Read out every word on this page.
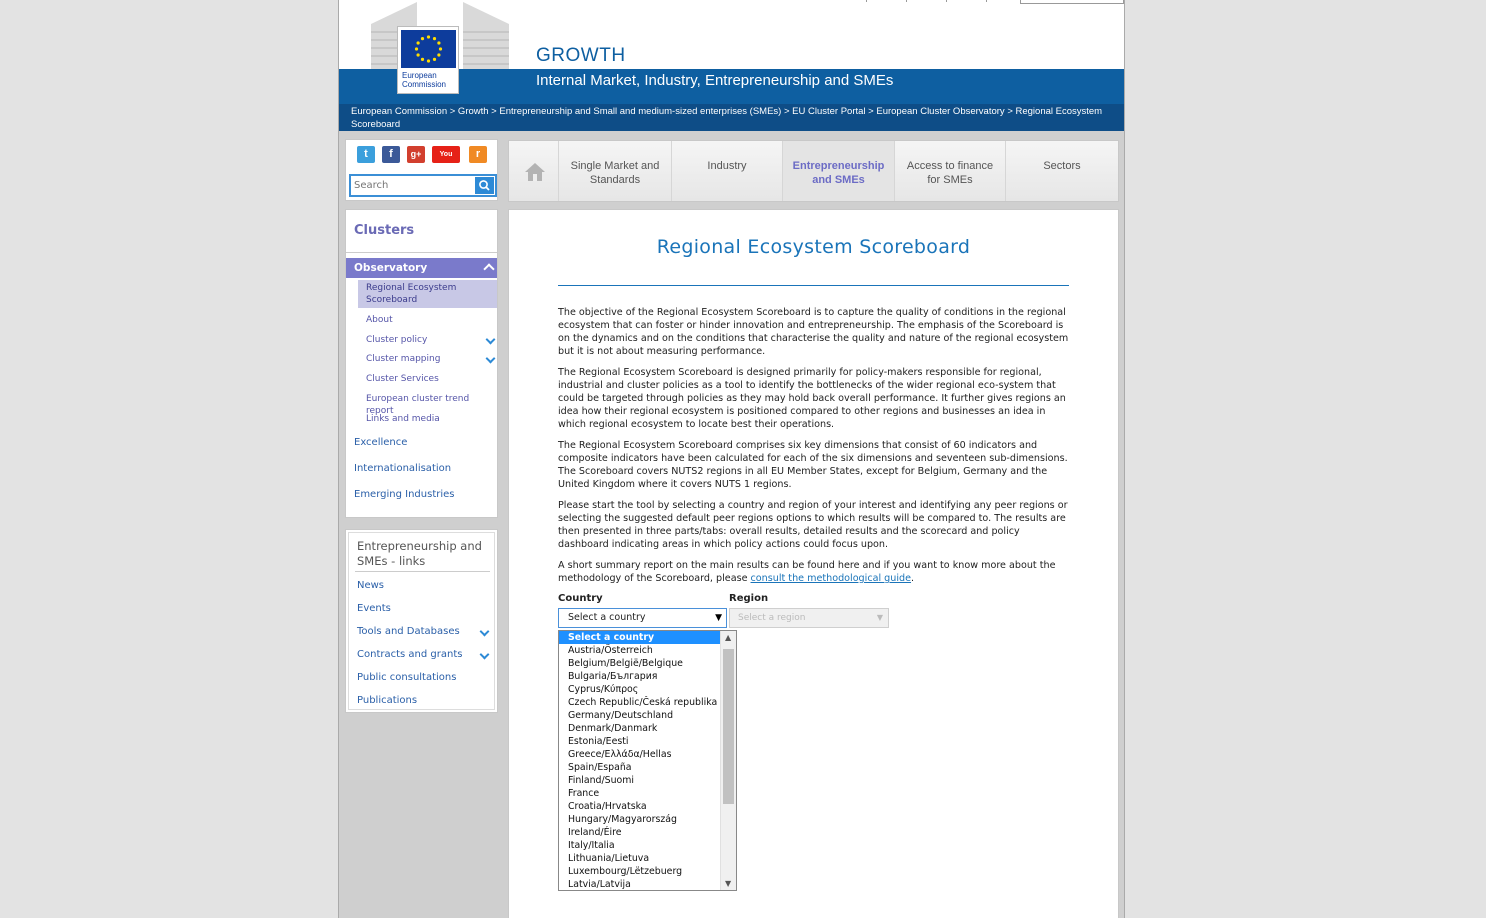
European
Commission
GROWTH
Internal Market, Industry, Entrepreneurship and SMEs
European Commission > Growth > Entrepreneurship and Small and medium-sized enterprises (SMEs) > EU Cluster Portal > European Cluster Observatory > Regional Ecosystem Scoreboard
t	f	g+	You	r
Search
Clusters
Observatory
Regional Ecosystem Scoreboard
About
Cluster policy
Cluster mapping
Cluster Services
European cluster trend report
Links and media
Excellence
Internationalisation
Emerging Industries
Entrepreneurship and SMEs - links
News
Events
Tools and Databases
Contracts and grants
Public consultations
Publications
Single Market and Standards
Industry	Entrepreneurship and SMEs
Access to finance for SMEs
Sectors
Regional Ecosystem Scoreboard
The objective of the Regional Ecosystem Scoreboard is to capture the quality of conditions in the regional ecosystem that can foster or hinder innovation and entrepreneurship. The emphasis of the Scoreboard is on the dynamics and on the conditions that characterise the quality and nature of the regional ecosystem but it is not about measuring performance.
The Regional Ecosystem Scoreboard is designed primarily for policy-makers responsible for regional, industrial and cluster policies as a tool to identify the bottlenecks of the wider regional eco-system that could be targeted through policies as they may hold back overall performance. It further gives regions an idea how their regional ecosystem is positioned compared to other regions and businesses an idea in which regional ecosystem to locate best their operations.
The Regional Ecosystem Scoreboard comprises six key dimensions that consist of 60 indicators and composite indicators have been calculated for each of the six dimensions and seventeen sub-dimensions. The Scoreboard covers NUTS2 regions in all EU Member States, except for Belgium, Germany and the United Kingdom where it covers NUTS 1 regions.
Please start the tool by selecting a country and region of your interest and identifying any peer regions or selecting the suggested default peer regions options to which results will be compared to. The results are then presented in three parts/tabs: overall results, detailed results and the scorecard and policy dashboard indicating areas in which policy actions could focus upon.
A short summary report on the main results can be found here and if you want to know more about the methodology of the Scoreboard, please consult the methodological guide.
Country	Region
Select a country	▼	Select a region	▼
Select a country
Austria/Österreich
Belgium/België/Belgique
Bulgaria/България
Cyprus/Κύπρος
Czech Republic/Česká republika
Germany/Deutschland
Denmark/Danmark
Estonia/Eesti
Greece/Ελλάδα/Hellas
Spain/España
Finland/Suomi
France
Croatia/Hrvatska
Hungary/Magyarország
Ireland/Éire
Italy/Italia
Lithuania/Lietuva
Luxembourg/Lëtzebuerg
Latvia/Latvija
▲
▼
